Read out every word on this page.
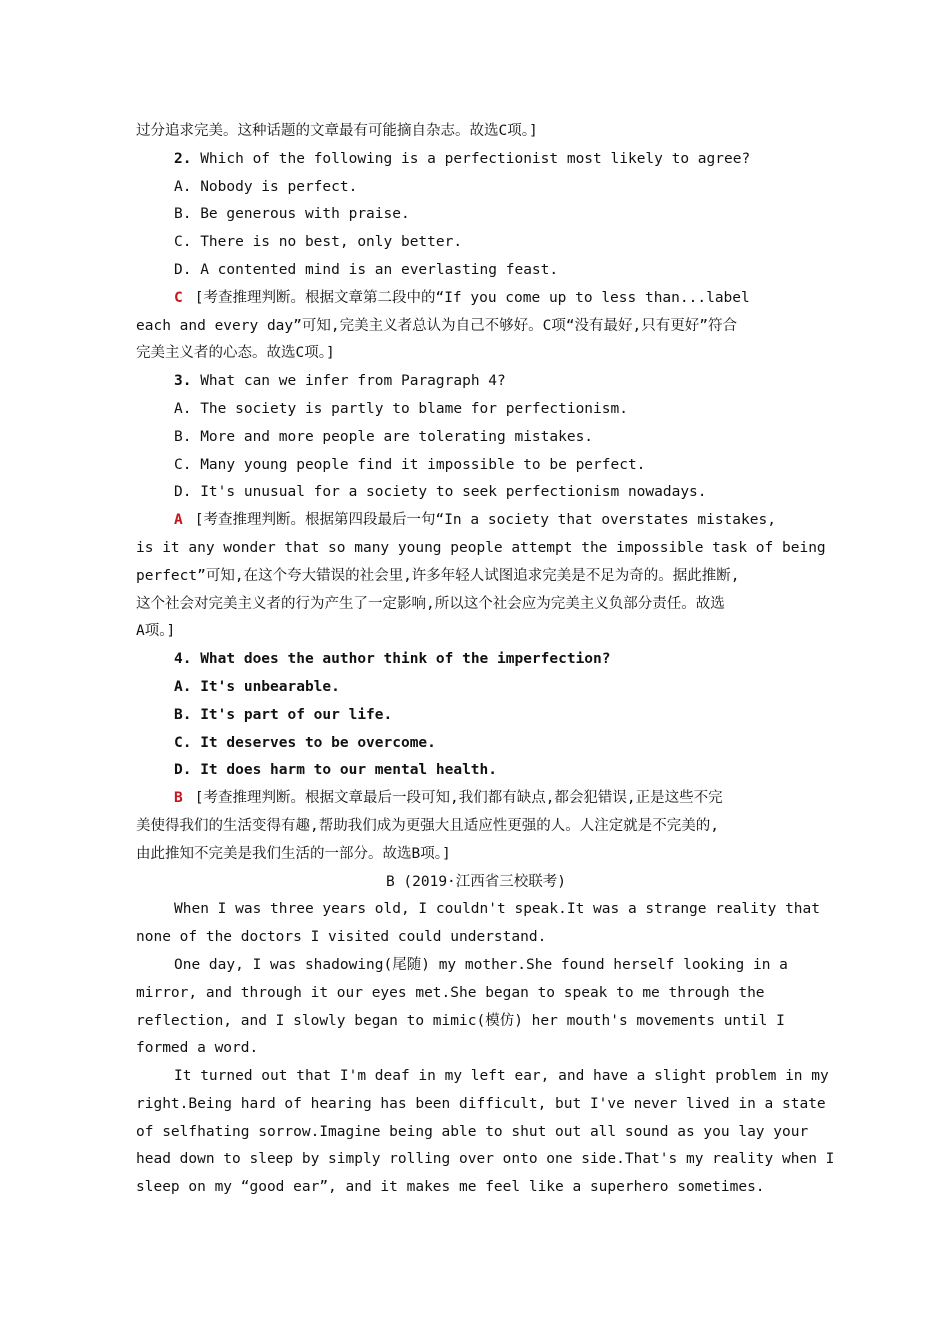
过分追求完美。这种话题的文章最有可能摘自杂志。故选C项。]
2. Which of the following is a perfectionist most likely to agree?
A. Nobody is perfect.
B. Be generous with praise.
C. There is no best, only better.
D. A contented mind is an everlasting feast.
C [考查推理判断。根据文章第二段中的“If you come up to less than...label
each and every day”可知,完美主义者总认为自己不够好。C项“没有最好,只有更好”符合
完美主义者的心态。故选C项。]
3. What can we infer from Paragraph 4?
A. The society is partly to blame for perfectionism.
B. More and more people are tolerating mistakes.
C. Many young people find it impossible to be perfect.
D. It's unusual for a society to seek perfectionism nowadays.
A [考查推理判断。根据第四段最后一句“In a society that overstates mistakes,
is it any wonder that so many young people attempt the impossible task of being
perfect”可知,在这个夸大错误的社会里,许多年轻人试图追求完美是不足为奇的。据此推断,
这个社会对完美主义者的行为产生了一定影响,所以这个社会应为完美主义负部分责任。故选
A项。]
4. What does the author think of the imperfection?
A. It's unbearable.
B. It's part of our life.
C. It deserves to be overcome.
D. It does harm to our mental health.
B [考查推理判断。根据文章最后一段可知,我们都有缺点,都会犯错误,正是这些不完
美使得我们的生活变得有趣,帮助我们成为更强大且适应性更强的人。人注定就是不完美的,
由此推知不完美是我们生活的一部分。故选B项。]
B (2019·江西省三校联考)
When I was three years old, I couldn't speak.It was a strange reality that
none of the doctors I visited could understand.
One day, I was shadowing(尾随) my mother.She found herself looking in a
mirror, and through it our eyes met.She began to speak to me through the
reflection, and I slowly began to mimic(模仿) her mouth's movements until I
formed a word.
It turned out that I'm deaf in my left ear, and have a slight problem in my
right.Being hard of hearing has been difficult, but I've never lived in a state
of selfhating sorrow.Imagine being able to shut out all sound as you lay your
head down to sleep by simply rolling over onto one side.That's my reality when I
sleep on my “good ear”, and it makes me feel like a superhero sometimes.
